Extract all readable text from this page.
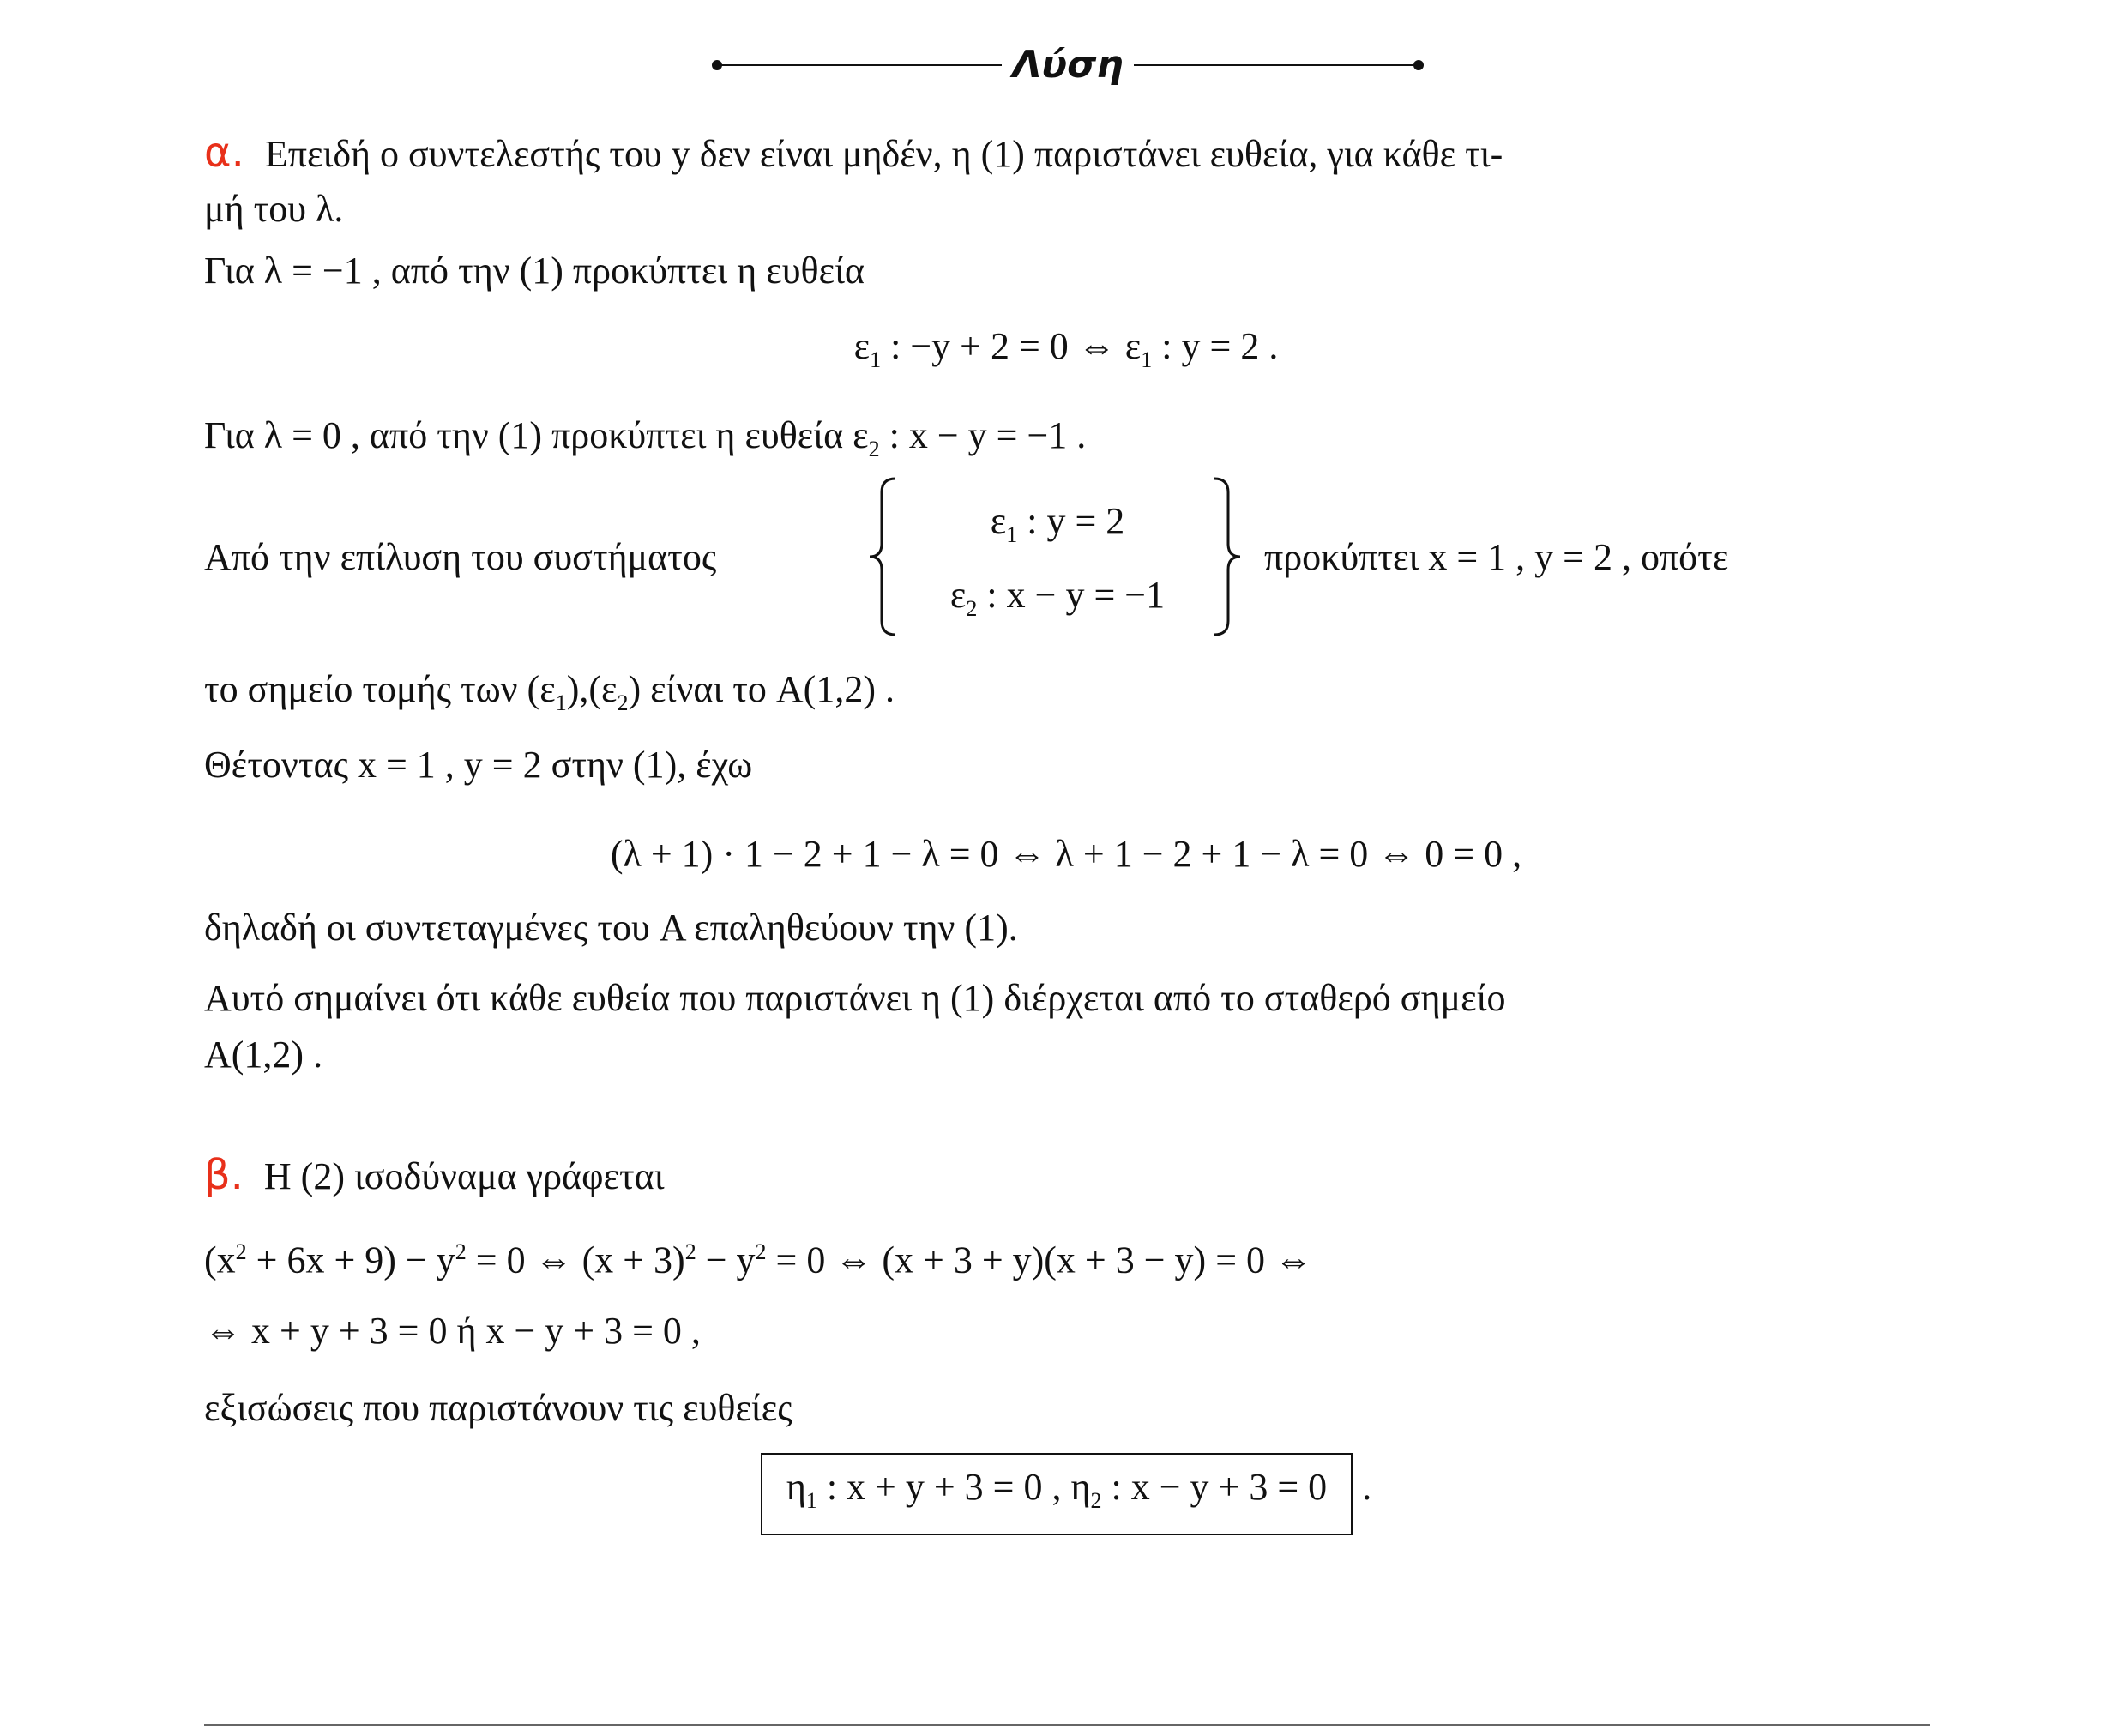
Λύση
α. Επειδή ο συντελεστής του y δεν είναι μηδέν, η (1) παριστάνει ευθεία, για κάθε τι-
μή του λ.
Για λ = −1 , από την (1) προκύπτει η ευθεία
$\varepsilon_1$ : −y + 2 = 0 ⇔ $\varepsilon_1$ : y = 2 .
Για λ = 0 , από την (1) προκύπτει η ευθεία $\varepsilon_2$ : x − y = −1 .
Από την επίλυση του συστήματος
$\varepsilon_1$ : y = 2
$\varepsilon_2$ : x − y = −1
προκύπτει x = 1 , y = 2 , οπότε
το σημείο τομής των $(\varepsilon_1),(\varepsilon_2)$ είναι το A(1,2) .
Θέτοντας x = 1 , y = 2 στην (1), έχω
(λ + 1) · 1 − 2 + 1 − λ = 0 ⇔ λ + 1 − 2 + 1 − λ = 0 ⇔ 0 = 0 ,
δηλαδή οι συντεταγμένες του A επαληθεύουν την (1).
Αυτό σημαίνει ότι κάθε ευθεία που παριστάνει η (1) διέρχεται από το σταθερό σημείο
A(1,2) .
β. Η (2) ισοδύναμα γράφεται
$(x^2 + 6x + 9) - y^2 = 0$ ⇔ $(x + 3)^2 - y^2 = 0$ ⇔ (x + 3 + y)(x + 3 − y) = 0 ⇔
⇔ x + y + 3 = 0 ή x − y + 3 = 0 ,
εξισώσεις που παριστάνουν τις ευθείες
$\eta_1$ : x + y + 3 = 0 , $\eta_2$ : x − y + 3 = 0 .
